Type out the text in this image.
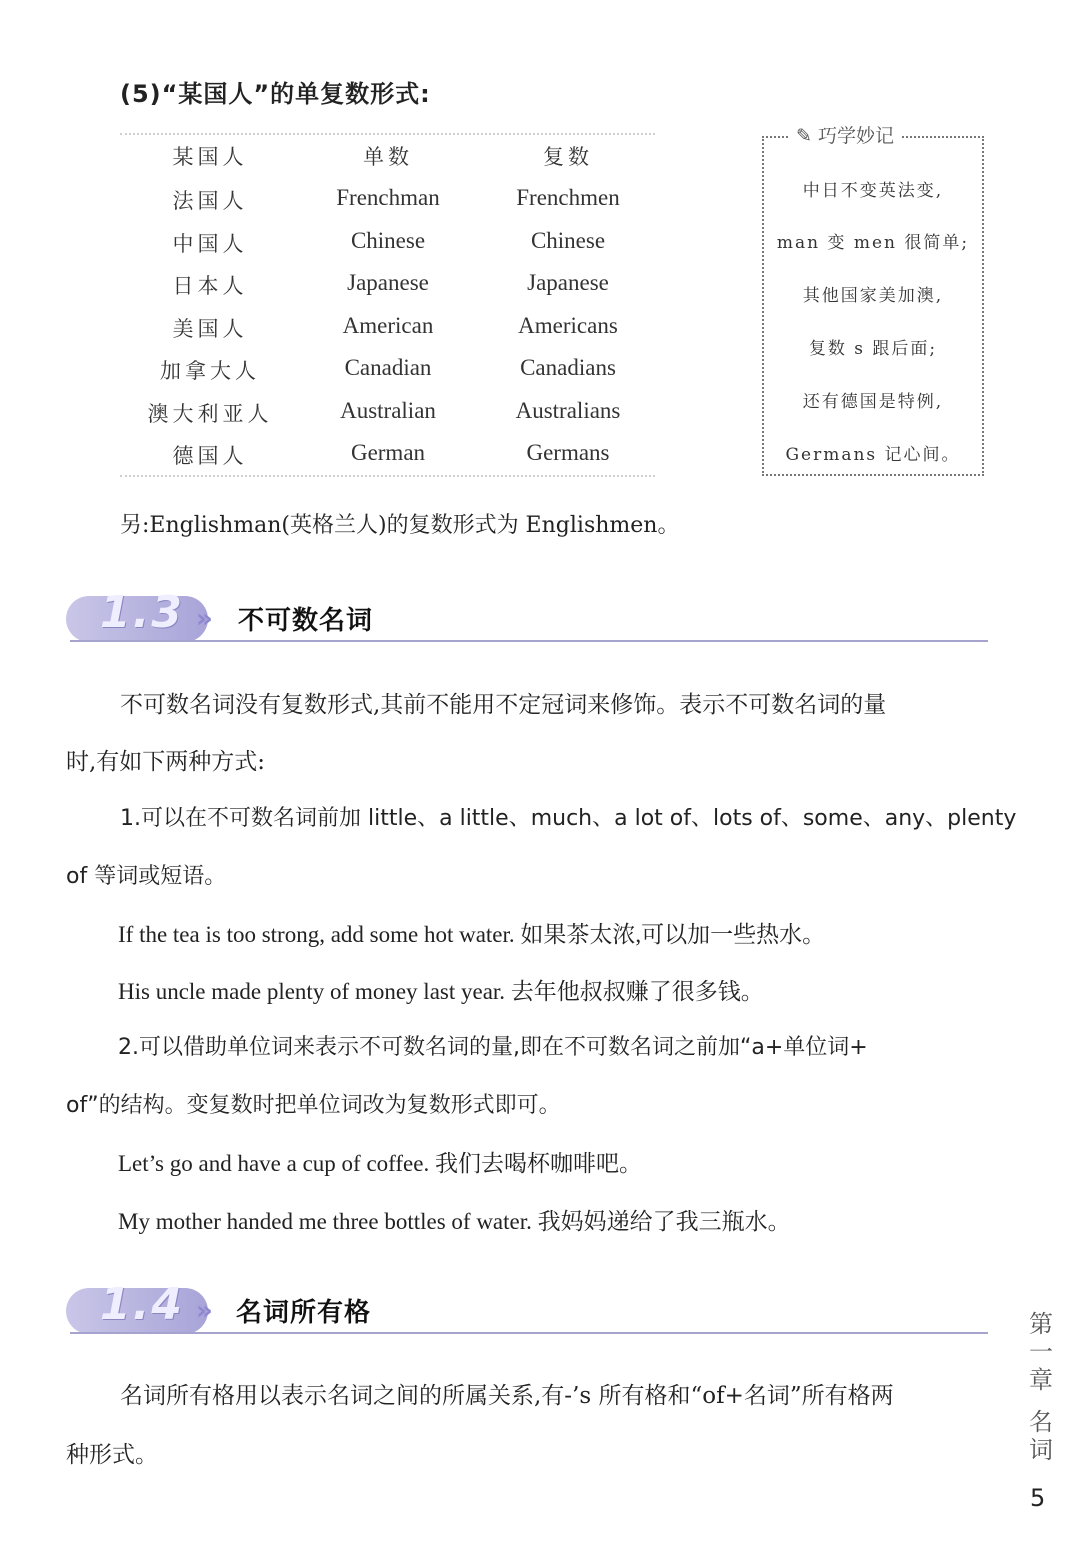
(5)“某国人”的单复数形式:
某国人	单数	复数
法国人	Frenchman	Frenchmen
中国人	Chinese	Chinese
日本人	Japanese	Japanese
美国人	American	Americans
加拿大人	Canadian	Canadians
澳大利亚人	Australian	Australians
德国人	German	Germans
中日不变英法变,
man 变 men 很简单;
其他国家美加澳,
复数 s 跟后面;
还有德国是特例,
Germans 记心间。
✎ 巧学妙记
另:Englishman(英格兰人)的复数形式为 Englishmen。
1.3 » 不可数名词
不可数名词没有复数形式,其前不能用不定冠词来修饰。表示不可数名词的量
时,有如下两种方式:
1.可以在不可数名词前加 little、a little、much、a lot of、lots of、some、any、plenty
of 等词或短语。
If the tea is too strong, add some hot water. 如果茶太浓,可以加一些热水。
His uncle made plenty of money last year. 去年他叔叔赚了很多钱。
2.可以借助单位词来表示不可数名词的量,即在不可数名词之前加“a+单位词+
of”的结构。变复数时把单位词改为复数形式即可。
Let’s go and have a cup of coffee. 我们去喝杯咖啡吧。
My mother handed me three bottles of water. 我妈妈递给了我三瓶水。
1.4 » 名词所有格
名词所有格用以表示名词之间的所属关系,有-’s 所有格和“of+名词”所有格两
种形式。
第
一
章
名
词
5
